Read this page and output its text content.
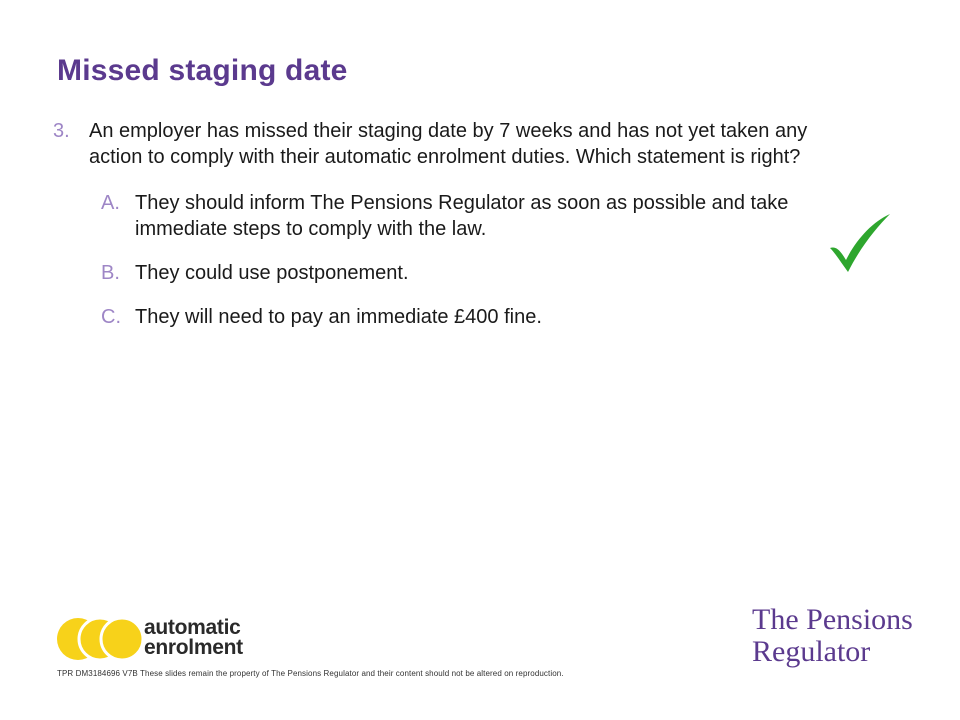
Missed staging date
3. An employer has missed their staging date by 7 weeks and has not yet taken any action to comply with their automatic enrolment duties. Which statement is right?
A. They should inform The Pensions Regulator as soon as possible and take immediate steps to comply with the law.
B. They could use postponement.
C. They will need to pay an immediate £400 fine.
automatic
enrolment
The Pensions
Regulator
TPR DM3184696 V7B These slides remain the property of The Pensions Regulator and their content should not be altered on reproduction.
